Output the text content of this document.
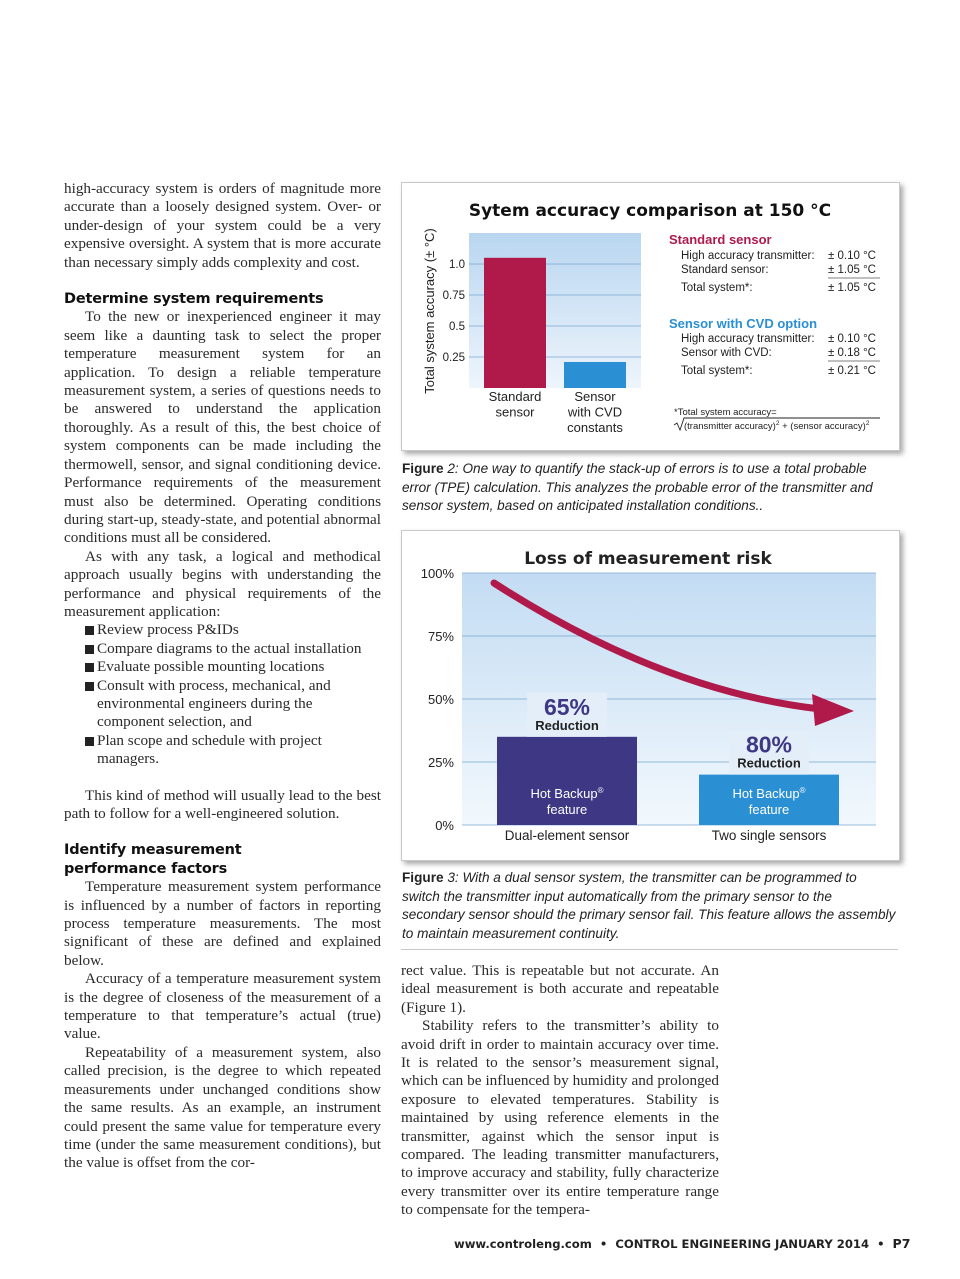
high-accuracy system is orders of magnitude more accurate than a loosely designed system. Over- or under-design of your system could be a very expensive oversight. A system that is more accurate than necessary simply adds complexity and cost.

Determine system requirements

To the new or inexperienced engineer it may seem like a daunting task to select the proper temperature measurement system for an application. To design a reliable temperature measurement system, a series of questions needs to be answered to understand the application thoroughly. As a result of this, the best choice of system components can be made including the thermowell, sensor, and signal conditioning device. Performance requirements of the measurement must also be determined. Operating conditions during start-up, steady-state, and potential abnormal conditions must all be considered.

As with any task, a logical and methodical approach usually begins with understanding the performance and physical requirements of the measurement application:

Review process P&IDs
Compare diagrams to the actual installation
Evaluate possible mounting locations
Consult with process, mechanical, and environmental engineers during the component selection, and
Plan scope and schedule with project managers.

This kind of method will usually lead to the best path to follow for a well-engineered solution.

Identify measurement
performance factors

Temperature measurement system performance is influenced by a number of factors in reporting process temperature measurements. The most significant of these are defined and explained below.

Accuracy of a temperature measurement system is the degree of closeness of the measurement of a temperature to that temperature’s actual (true) value.

Repeatability of a measurement system, also called precision, is the degree to which repeated measurements under unchanged conditions show the same results. As an example, an instrument could present the same value for temperature every time (under the same measurement conditions), but the value is offset from the cor-

Sytem accuracy comparison at 150 °C
0.25
0.5
0.75
1.0
Total system accuracy (± °C)
Standard
sensor
Sensor
with CVD
constants
Standard sensor
High accuracy transmitter: ± 0.10 °C
Standard sensor:	± 1.05 °C
Total system*:	± 1.05 °C
Sensor with CVD option
High accuracy transmitter: ± 0.10 °C
Sensor with CVD:	± 0.18 °C
Total system*:	± 0.21 °C
*Total system accuracy=
(transmitter accuracy)$^2$ + (sensor accuracy)$^2$
Figure 2: One way to quantify the stack-up of errors is to use a total probable error (TPE) calculation. This analyzes the probable error of the transmitter and sensor system, based on anticipated installation conditions..
Loss of measurement risk
0%
25%
50%
75%
100%
Hot Backup®
feature
Hot Backup®
feature
Dual-element sensor	Two single sensors
65%
Reduction
80%
Reduction
Figure 3: With a dual sensor system, the transmitter can be programmed to switch the transmitter input automatically from the primary sensor to the secondary sensor should the primary sensor fail. This feature allows the assembly to maintain measurement continuity.

rect value. This is repeatable but not accurate. An ideal measurement is both accurate and repeatable (Figure 1).

Stability refers to the transmitter’s ability to avoid drift in order to maintain accuracy over time. It is related to the sensor’s measurement signal, which can be influenced by humidity and prolonged exposure to elevated temperatures. Stability is maintained by using reference elements in the transmitter, against which the sensor input is compared. The leading transmitter manufacturers, to improve accuracy and stability, fully characterize every transmitter over its entire temperature range to compensate for the tempera-

www.controleng.com • CONTROL ENGINEERING JANUARY 2014 • P7
